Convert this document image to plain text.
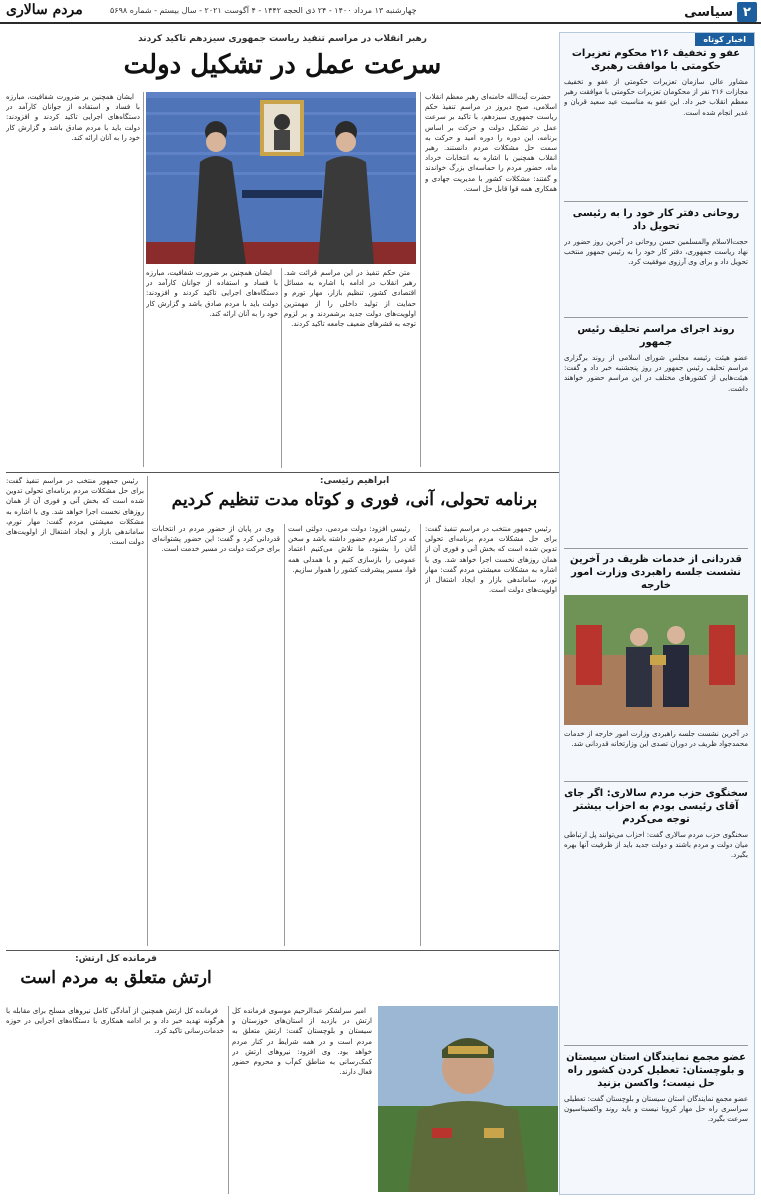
۲
سیاسی
چهارشنبه ۱۳ مرداد ۱۴۰۰ - ۲۴ ذی الحجه ۱۴۴۲ - ۴ آگوست ۲۰۲۱ - سال بیستم - شماره ۵۶۹۸
مردم سالاری
اخبار کوتاه
عفو و تخفیف ۲۱۶ محکوم تعزیرات حکومتی با موافقت رهبری
مشاور عالی سازمان تعزیرات حکومتی از عفو و تخفیف مجازات ۲۱۶ نفر از محکومان تعزیرات حکومتی با موافقت رهبر معظم انقلاب خبر داد. این عفو به مناسبت عید سعید قربان و غدیر انجام شده است.
روحانی دفتر کار خود را به رئیسی تحویل داد
حجت‌الاسلام والمسلمین حسن روحانی در آخرین روز حضور در نهاد ریاست جمهوری، دفتر کار خود را به رئیس جمهور منتخب تحویل داد و برای وی آرزوی موفقیت کرد.
روند اجرای مراسم تحلیف رئیس جمهور
عضو هیئت رئیسه مجلس شورای اسلامی از روند برگزاری مراسم تحلیف رئیس جمهور در روز پنجشنبه خبر داد و گفت: هیئت‌هایی از کشورهای مختلف در این مراسم حضور خواهند داشت.
قدردانی از خدمات ظریف در آخرین نشست جلسه راهبردی وزارت امور خارجه
در آخرین نشست جلسه راهبردی وزارت امور خارجه از خدمات محمدجواد ظریف در دوران تصدی این وزارتخانه قدردانی شد.
سخنگوی حزب مردم سالاری: اگر جای آقای رئیسی بودم به احزاب بیشتر توجه می‌کردم
سخنگوی حزب مردم سالاری گفت: احزاب می‌توانند پل ارتباطی میان دولت و مردم باشند و دولت جدید باید از ظرفیت آنها بهره بگیرد.
عضو مجمع نمایندگان استان سیستان و بلوچستان: تعطیل کردن کشور راه حل نیست؛ واکسن بزنید
عضو مجمع نمایندگان استان سیستان و بلوچستان گفت: تعطیلی سراسری راه حل مهار کرونا نیست و باید روند واکسیناسیون سرعت بگیرد.
رهبر انقلاب در مراسم تنفیذ ریاست جمهوری سیزدهم تاکید کردند
سرعت عمل در تشکیل دولت

حضرت آیت‌الله خامنه‌ای رهبر معظم انقلاب اسلامی، صبح دیروز در مراسم تنفیذ حکم ریاست جمهوری سیزدهم، با تاکید بر سرعت عمل در تشکیل دولت و حرکت بر اساس برنامه، این دوره را دوره امید و حرکت به سمت حل مشکلات مردم دانستند. رهبر انقلاب همچنین با اشاره به انتخابات خرداد ماه، حضور مردم را حماسه‌ای بزرگ خواندند و گفتند: مشکلات کشور با مدیریت جهادی و همکاری همه قوا قابل حل است.

ایشان همچنین بر ضرورت شفافیت، مبارزه با فساد و استفاده از جوانان کارآمد در دستگاه‌های اجرایی تاکید کردند و افزودند: دولت باید با مردم صادق باشد و گزارش کار خود را به آنان ارائه کند.

متن حکم تنفیذ در این مراسم قرائت شد. رهبر انقلاب در ادامه با اشاره به مسائل اقتصادی کشور، تنظیم بازار، مهار تورم و حمایت از تولید داخلی را از مهمترین اولویت‌های دولت جدید برشمردند و بر لزوم توجه به قشرهای ضعیف جامعه تاکید کردند.

ایشان همچنین بر ضرورت شفافیت، مبارزه با فساد و استفاده از جوانان کارآمد در دستگاه‌های اجرایی تاکید کردند و افزودند: دولت باید با مردم صادق باشد و گزارش کار خود را به آنان ارائه کند.

ابراهیم رئیسی:
برنامه تحولی، آنی، فوری و کوتاه مدت تنظیم کردیم

رئیس جمهور منتخب در مراسم تنفیذ گفت: برای حل مشکلات مردم برنامه‌ای تحولی تدوین شده است که بخش آنی و فوری آن از همان روزهای نخست اجرا خواهد شد. وی با اشاره به مشکلات معیشتی مردم گفت: مهار تورم، ساماندهی بازار و ایجاد اشتغال از اولویت‌های دولت است.

رئیس جمهور منتخب در مراسم تنفیذ گفت: برای حل مشکلات مردم برنامه‌ای تحولی تدوین شده است که بخش آنی و فوری آن از همان روزهای نخست اجرا خواهد شد. وی با اشاره به مشکلات معیشتی مردم گفت: مهار تورم، ساماندهی بازار و ایجاد اشتغال از اولویت‌های دولت است.

رئیسی افزود: دولت مردمی، دولتی است که در کنار مردم حضور داشته باشد و سخن آنان را بشنود. ما تلاش می‌کنیم اعتماد عمومی را بازسازی کنیم و با همدلی همه قوا، مسیر پیشرفت کشور را هموار سازیم.

وی در پایان از حضور مردم در انتخابات قدردانی کرد و گفت: این حضور پشتوانه‌ای برای حرکت دولت در مسیر خدمت است.

فرمانده کل ارتش:
ارتش متعلق به مردم است

امیر سرلشکر عبدالرحیم موسوی فرمانده کل ارتش در بازدید از استان‌های خوزستان و سیستان و بلوچستان گفت: ارتش متعلق به مردم است و در همه شرایط در کنار مردم خواهد بود. وی افزود: نیروهای ارتش در کمک‌رسانی به مناطق کم‌آب و محروم حضور فعال دارند.

فرمانده کل ارتش همچنین از آمادگی کامل نیروهای مسلح برای مقابله با هرگونه تهدید خبر داد و بر ادامه همکاری با دستگاه‌های اجرایی در حوزه خدمات‌رسانی تاکید کرد.
